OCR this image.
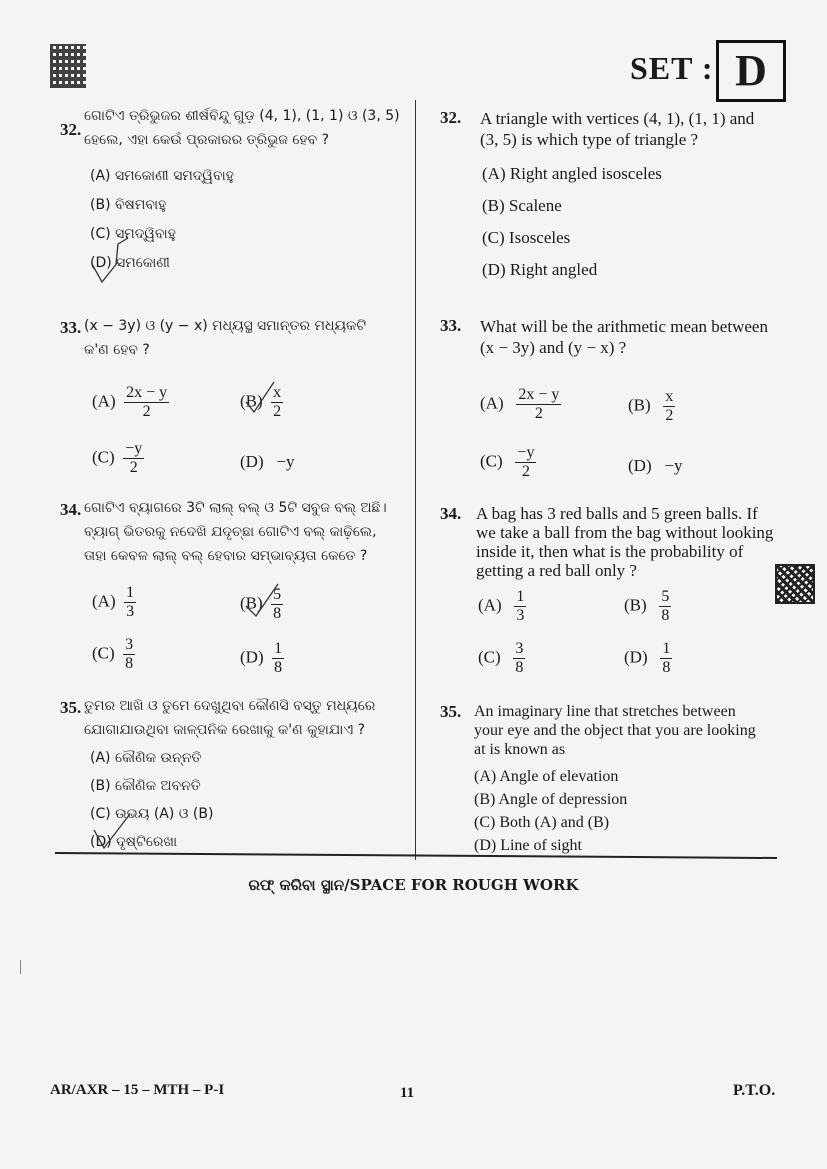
SET : D
32.
ଗୋଟିଏ ତ୍ରିଭୁଜର ଶୀର୍ଷବିନ୍ଦୁ ଗୁଡ଼ (4, 1), (1, 1) ଓ (3, 5)
ହେଲେ, ଏହା କେଉଁ ପ୍ରକାରର ତ୍ରିଭୁଜ ହେବ ?
(A) ସମକୋଣୀ ସମଦ୍ୱିବାହୁ
(B) ବିଷମବାହୁ
(C) ସମଦ୍ୱିବାହୁ
(D) ସମକୋଣୀ
33. (x − 3y) ଓ (y − x) ମଧ୍ୟସ୍ଥ ସମାନ୍ତର ମଧ୍ୟକଟି
କ'ଣ ହେବ ?
$(A) \frac{2x - y}{2}$	$(B) \frac{x}{2}$
$(C) \frac{-y}{2}$	(D) −y
34. ଗୋଟିଏ ବ୍ୟାଗରେ 3ଟି ଲାଲ୍ ବଲ୍ ଓ 5ଟି ସବୁଜ ବଲ୍ ଅଛି।
ବ୍ୟାଗ୍ ଭିତରକୁ ନଦେଖି ଯଦୃଚ୍ଛା ଗୋଟିଏ ବଲ୍ କାଢ଼ିଲେ,
ତାହା କେବଳ ଲାଲ୍ ବଲ୍ ହେବାର ସମ୍ଭାବ୍ୟତା କେତେ ?
$(A) \frac{1}{3}$	$(B) \frac{5}{8}$
$(C) \frac{3}{8}$	$(D) \frac{1}{8}$
35. ତୁମର ଆଖି ଓ ତୁମେ ଦେଖୁଥିବା କୌଣସି ବସ୍ତୁ ମଧ୍ୟରେ
ଯୋଗାଯାଉଥିବା କାଳ୍ପନିକ ରେଖାକୁ କ'ଣ କୁହାଯାଏ ?
(A) କୌଣିକ ଉନ୍ନତି
(B) କୌଣିକ ଅବନତି
(C) ଉଭୟ (A) ଓ (B)
(D) ଦୃଷ୍ଟିରେଖା
32. A triangle with vertices (4, 1), (1, 1) and
(3, 5) is which type of triangle ?
(A) Right angled isosceles
(B) Scalene
(C) Isosceles
(D) Right angled
33. What will be the arithmetic mean between
(x − 3y) and (y − x) ?
$(A) \frac{2x - y}{2}$	$(B) \frac{x}{2}$
$(C) \frac{-y}{2}$	(D) −y
34. A bag has 3 red balls and 5 green balls. If
we take a ball from the bag without looking
inside it, then what is the probability of
getting a red ball only ?
$(A) \frac{1}{3}$	$(B) \frac{5}{8}$
$(C) \frac{3}{8}$	$(D) \frac{1}{8}$
35. An imaginary line that stretches between
your eye and the object that you are looking
at is known as
(A) Angle of elevation
(B) Angle of depression
(C) Both (A) and (B)
(D) Line of sight
ରଫ୍ କରିବା ସ୍ଥାନ/SPACE FOR ROUGH WORK
AR/AXR – 15 – MTH – P-I	11	P.T.O.
